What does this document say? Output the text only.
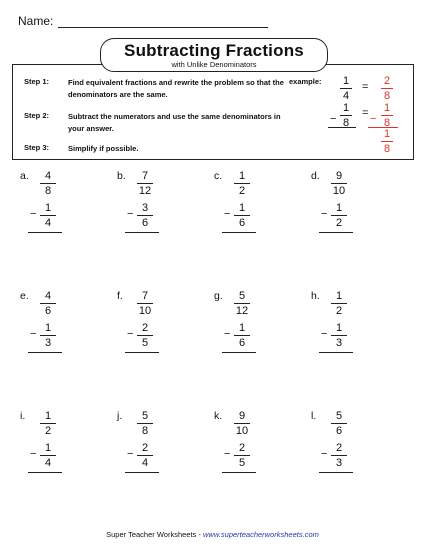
Name:
Subtracting Fractions
with Unlike Denominators
Step 1:	Find equivalent fractions and rewrite the problem so that the denominators are the same.
Step 2:	Subtract the numerators and use the same denominators in your answer.
Step 3:	Simplify if possible.
example: 1
4
= 2
8
−
1
8
= −
1
8
1
8
a.	4
8
− 1
4
b.	7
12
− 3
6
c.	1
2
− 1
6
d.	9
10
− 1
2
e.	4
6
− 1
3
f.	7
10
− 2
5
g.	5
12
− 1
6
h.	1
2
− 1
3
i.	1
2
− 1
4
j.	5
8
− 2
4
k.	9
10
− 2
5
l.	5
6
− 2
3
Super Teacher Worksheets - www.superteacherworksheets.com
